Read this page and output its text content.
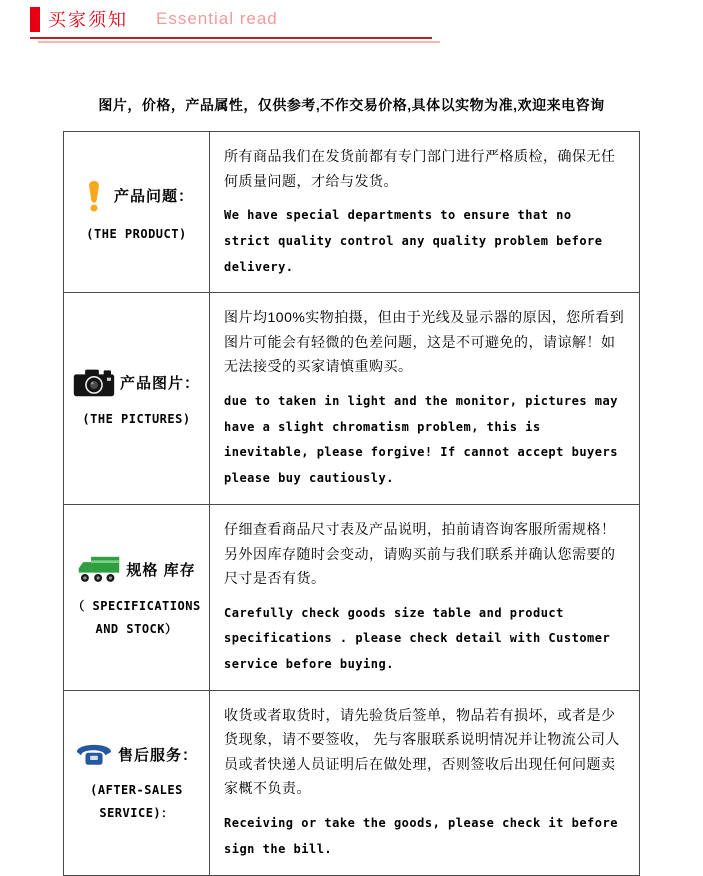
买家须知 Essential read
图片，价格，产品属性，仅供参考,不作交易价格,具体以实物为准,欢迎来电咨询
产品问题：
(THE PRODUCT)
所有商品我们在发货前都有专门部门进行严格质检，确保无任何质量问题，才给与发货。
We have special departments to ensure that no strict quality control any quality problem before delivery.
产品图片：
(THE PICTURES)
图片均100%实物拍摄，但由于光线及显示器的原因，您所看到图片可能会有轻微的色差问题，这是不可避免的，请谅解！如无法接受的买家请慎重购买。
due to taken in light and the monitor, pictures may have a slight chromatism problem, this is inevitable, please forgive! If cannot accept buyers please buy cautiously.
规格 库存
（ SPECIFICATIONS AND STOCK）
仔细查看商品尺寸表及产品说明，拍前请咨询客服所需规格！另外因库存随时会变动，请购买前与我们联系并确认您需要的尺寸是否有货。
Carefully check goods size table and product specifications . please check detail with Customer service before buying.
售后服务：
(AFTER-SALES SERVICE)：
收货或者取货时，请先验货后签单，物品若有损坏，或者是少货现象，请不要签收， 先与客服联系说明情况并让物流公司人员或者快递人员证明后在做处理，否则签收后出现任何问题卖家概不负责。
Receiving or take the goods, please check it before sign the bill.
